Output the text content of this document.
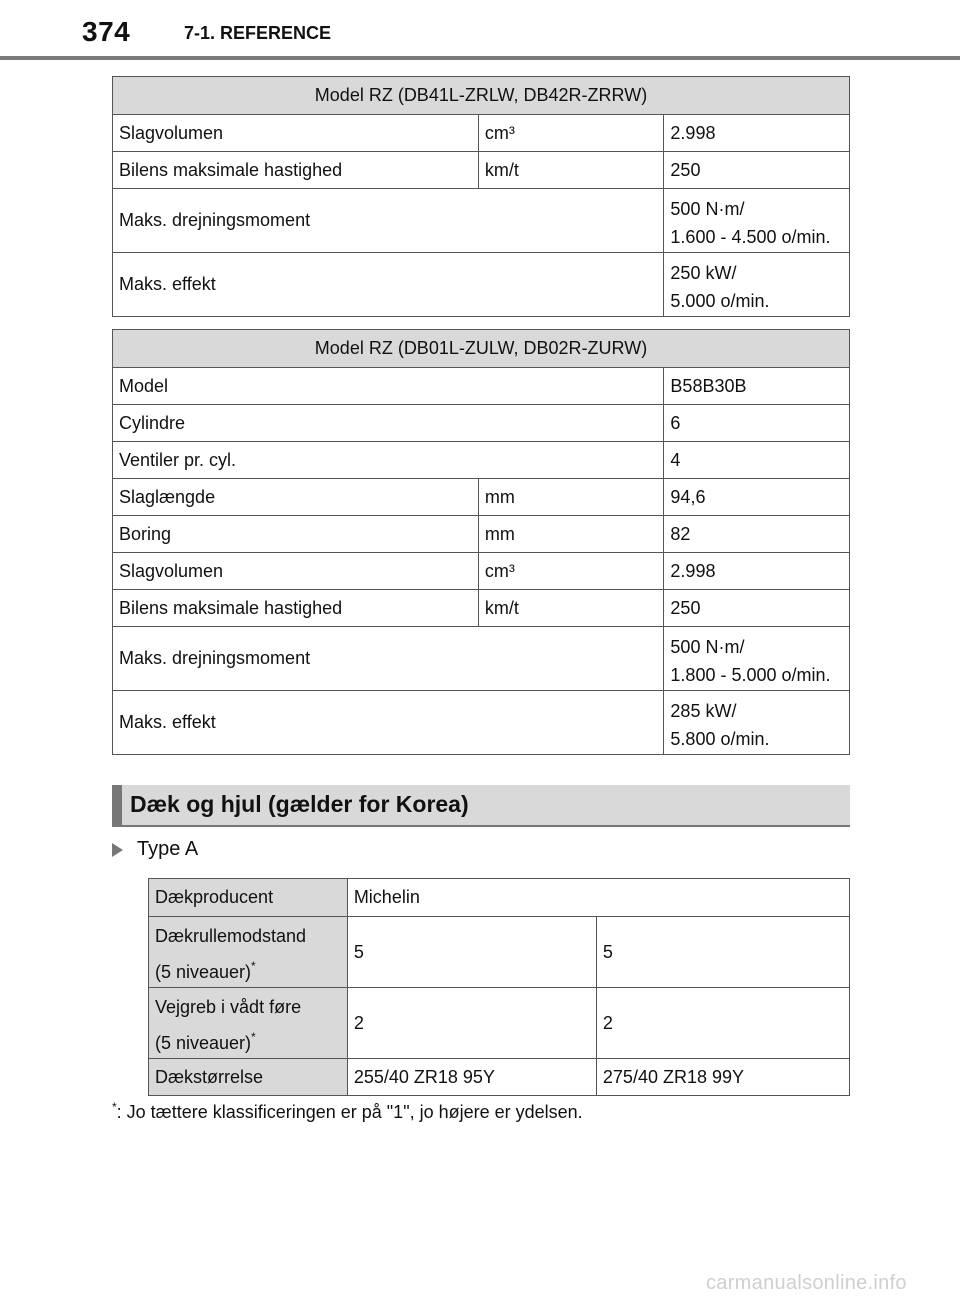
374	7-1. REFERENCE
Model RZ (DB41L-ZRLW, DB42R-ZRRW)		
Slagvolumen	cm³	2.998
Bilens maksimale hastighed	km/t	250
Maks. drejningsmoment		500 N·m/
1.600 - 4.500 o/min.

Maks. effekt		250 kW/
5.000 o/min.
Model RZ (DB01L-ZULW, DB02R-ZURW)		
Model		B58B30B
Cylindre		6
Ventiler pr. cyl.		4
Slaglængde	mm	94,6
Boring	mm	82
Slagvolumen	cm³	2.998
Bilens maksimale hastighed	km/t	250
Maks. drejningsmoment		500 N·m/
1.800 - 5.000 o/min.

Maks. effekt		285 kW/
5.800 o/min.
Dæk og hjul (gælder for Korea)
Type A
Dækproducent	Michelin	

Dækrullemodstand
(5 niveauer)*	5	5

Vejgreb i vådt føre
(5 niveauer)*	2	2
Dækstørrelse	255/40 ZR18 95Y	275/40 ZR18 99Y
*: Jo tættere klassificeringen er på "1", jo højere er ydelsen.
carmanualsonline.info
